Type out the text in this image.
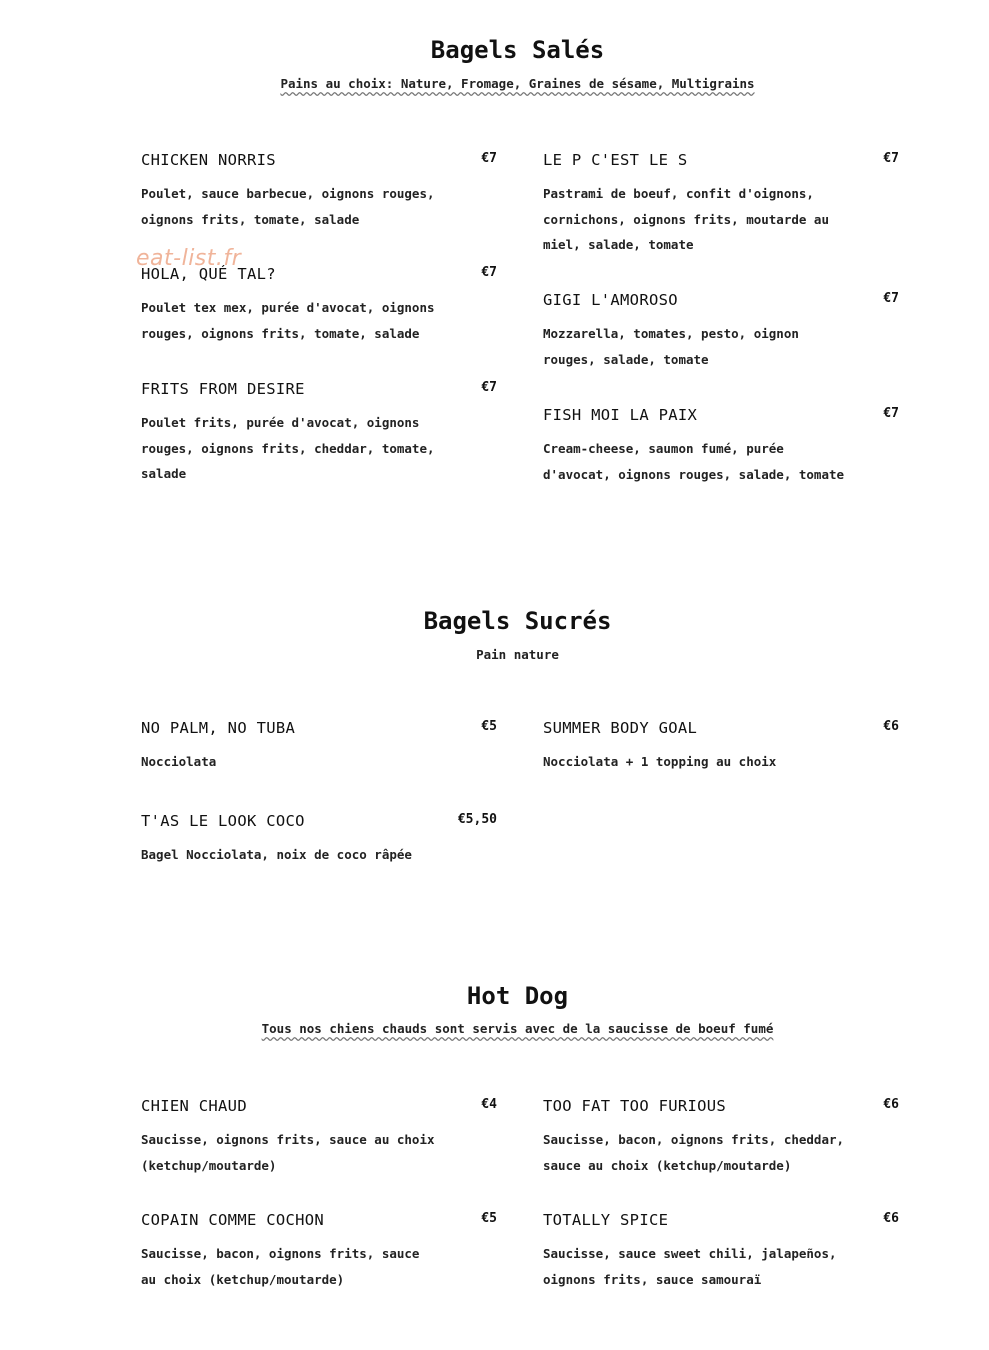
eat-list.fr
Bagels Salés

Pains au choix: Nature, Fromage, Graines de sésame, Multigrains

CHICKEN NORRIS	€7

Poulet, sauce barbecue, oignons rouges, oignons frits, tomate, salade

HOLA, QUÉ TAL?	€7

Poulet tex mex, purée d'avocat, oignons rouges, oignons frits, tomate, salade

FRITS FROM DESIRE	€7

Poulet frits, purée d'avocat, oignons rouges, oignons frits, cheddar, tomate, salade

LE P C'EST LE S	€7

Pastrami de boeuf, confit d'oignons, cornichons, oignons frits, moutarde au miel, salade, tomate

GIGI L'AMOROSO	€7

Mozzarella, tomates, pesto, oignon rouges, salade, tomate

FISH MOI LA PAIX	€7

Cream-cheese, saumon fumé, purée d'avocat, oignons rouges, salade, tomate

Bagels Sucrés

Pain nature

NO PALM, NO TUBA	€5

Nocciolata

T'AS LE LOOK COCO	€5,50

Bagel Nocciolata, noix de coco râpée

SUMMER BODY GOAL	€6

Nocciolata + 1 topping au choix

Hot Dog

Tous nos chiens chauds sont servis avec de la saucisse de boeuf fumé

CHIEN CHAUD	€4

Saucisse, oignons frits, sauce au choix (ketchup/moutarde)

COPAIN COMME COCHON	€5

Saucisse, bacon, oignons frits, sauce au choix (ketchup/moutarde)

TOO FAT TOO FURIOUS	€6

Saucisse, bacon, oignons frits, cheddar, sauce au choix (ketchup/moutarde)

TOTALLY SPICE	€6

Saucisse, sauce sweet chili, jalapeños, oignons frits, sauce samouraï
